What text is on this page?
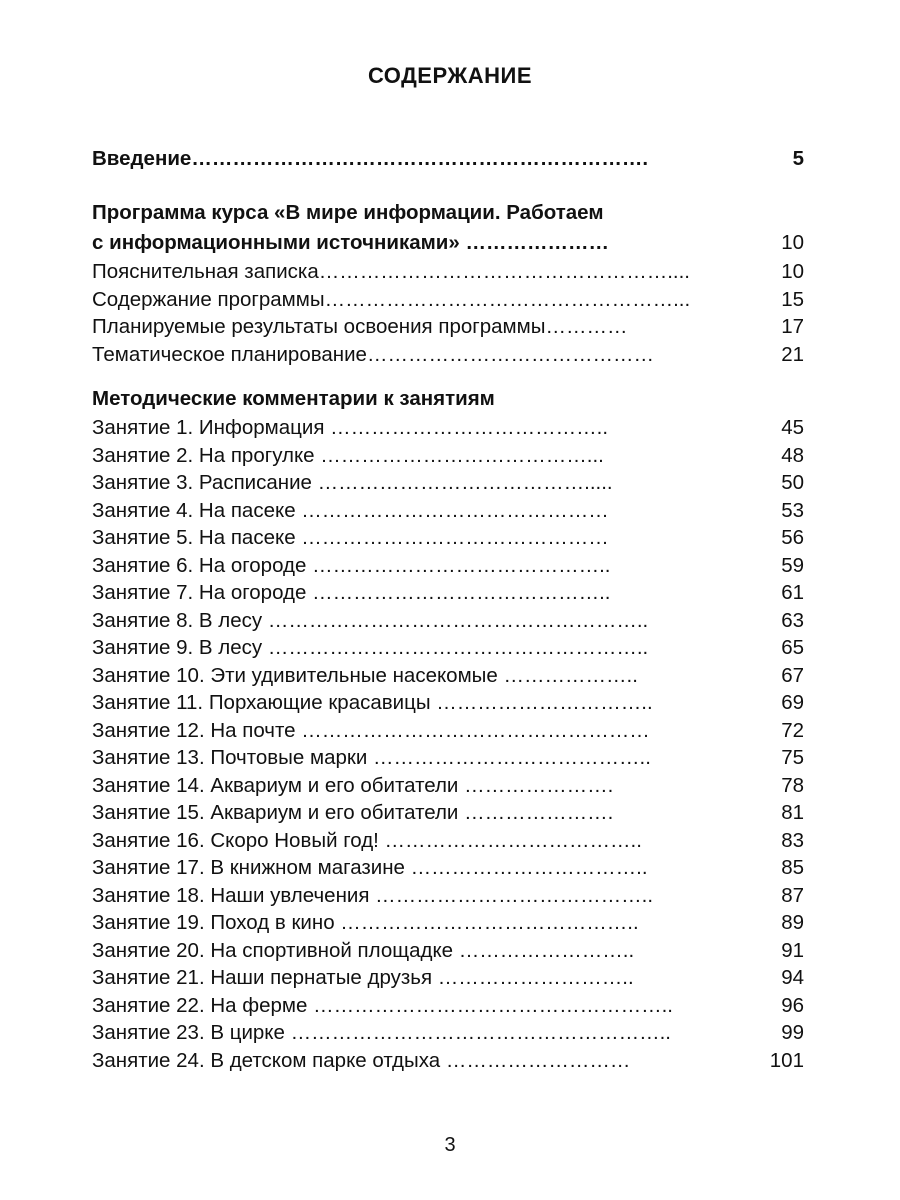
СОДЕРЖАНИЕ
Введение………………………………………………………….	5
Программа курса «В мире информации. Работаем
с информационными источниками» …………………	10
Пояснительная записка……………………………………………....	10
Содержание программы……………………………………………...	15
Планируемые результаты освоения программы…………	17
Тематическое планирование……………………………………	21
Методические комментарии к занятиям
Занятие 1. Информация …………………………………..	45
Занятие 2. На прогулке …………………………………...	48
Занятие 3. Расписание ………………………………….....	50
Занятие 4. На пасеке ………………………………………	53
Занятие 5. На пасеке ………………………………………	56
Занятие 6. На огороде ……………………………………..	59
Занятие 7. На огороде ……………………………………..	61
Занятие 8. В лесу ………………………………………………..	63
Занятие 9. В лесу ………………………………………………..	65
Занятие 10. Эти удивительные насекомые ………………..	67
Занятие 11. Порхающие красавицы …………………………..	69
Занятие 12. На почте ……………………………………………	72
Занятие 13. Почтовые марки …………………………………..	75
Занятие 14. Аквариум и его обитатели ………………….	78
Занятие 15. Аквариум и его обитатели ………………….	81
Занятие 16. Скоро Новый год! ………………………………..	83
Занятие 17. В книжном магазине ……………………………..	85
Занятие 18. Наши увлечения …………………………………..	87
Занятие 19. Поход в кино ……………………………………..	89
Занятие 20. На спортивной площадке ……………………..	91
Занятие 21. Наши пернатые друзья ………………………..	94
Занятие 22. На ферме ……………………………………………..	96
Занятие 23. В цирке ………………………………………………..	99
Занятие 24. В детском парке отдыха ………………………	101
3
